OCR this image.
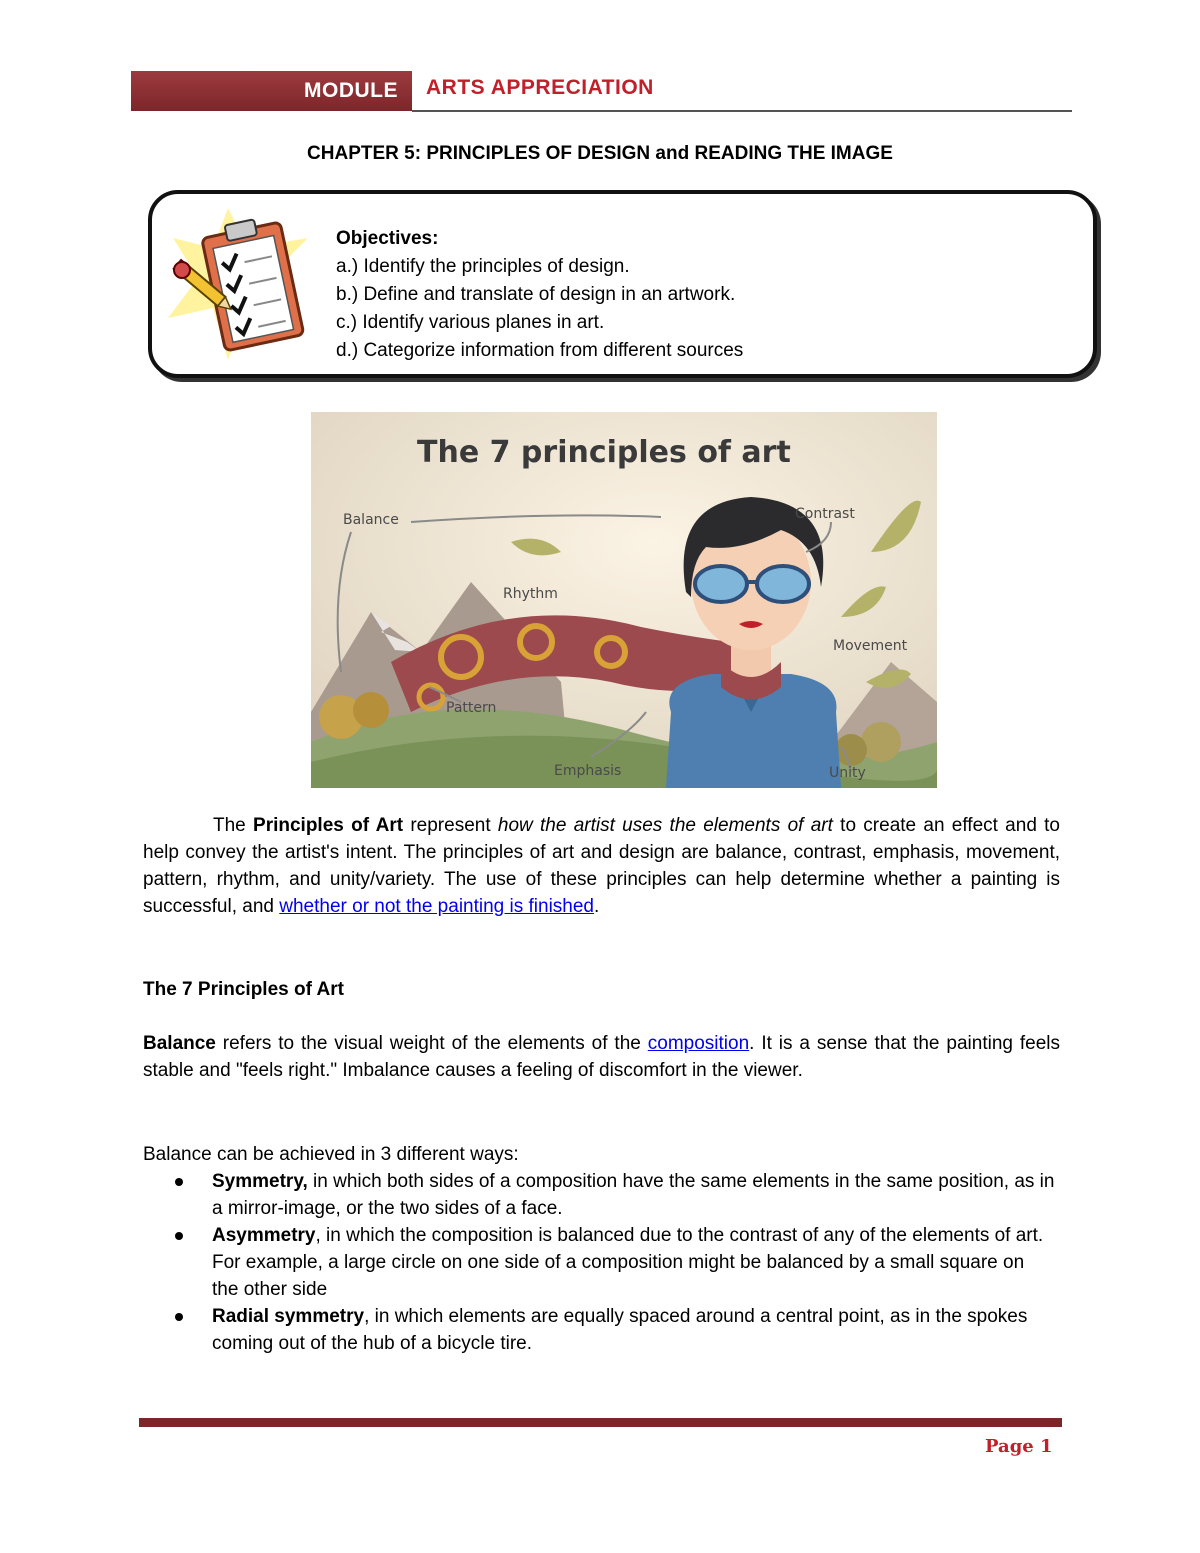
MODULE	ARTS APPRECIATION
CHAPTER 5: PRINCIPLES OF DESIGN and READING THE IMAGE
Objectives:
a.) Identify the principles of design.
b.) Define and translate of design in an artwork.
c.) Identify various planes in art.
d.) Categorize information from different sources
The 7 principles of art
Balance	Contrast
Rhythm
Movement
Pattern
Emphasis	Unity

The Principles of Art represent how the artist uses the elements of art to create an effect and to help convey the artist's intent. The principles of art and design are balance, contrast, emphasis, movement, pattern, rhythm, and unity/variety. The use of these principles can help determine whether a painting is successful, and whether or not the painting is finished.

The 7 Principles of Art

Balance refers to the visual weight of the elements of the composition. It is a sense that the painting feels stable and "feels right." Imbalance causes a feeling of discomfort in the viewer.

Balance can be achieved in 3 different ways:
Symmetry, in which both sides of a composition have the same elements in the same position, as in a mirror-image, or the two sides of a face.
Asymmetry, in which the composition is balanced due to the contrast of any of the elements of art. For example, a large circle on one side of a composition might be balanced by a small square on the other side
Radial symmetry, in which elements are equally spaced around a central point, as in the spokes coming out of the hub of a bicycle tire.
Page 1
